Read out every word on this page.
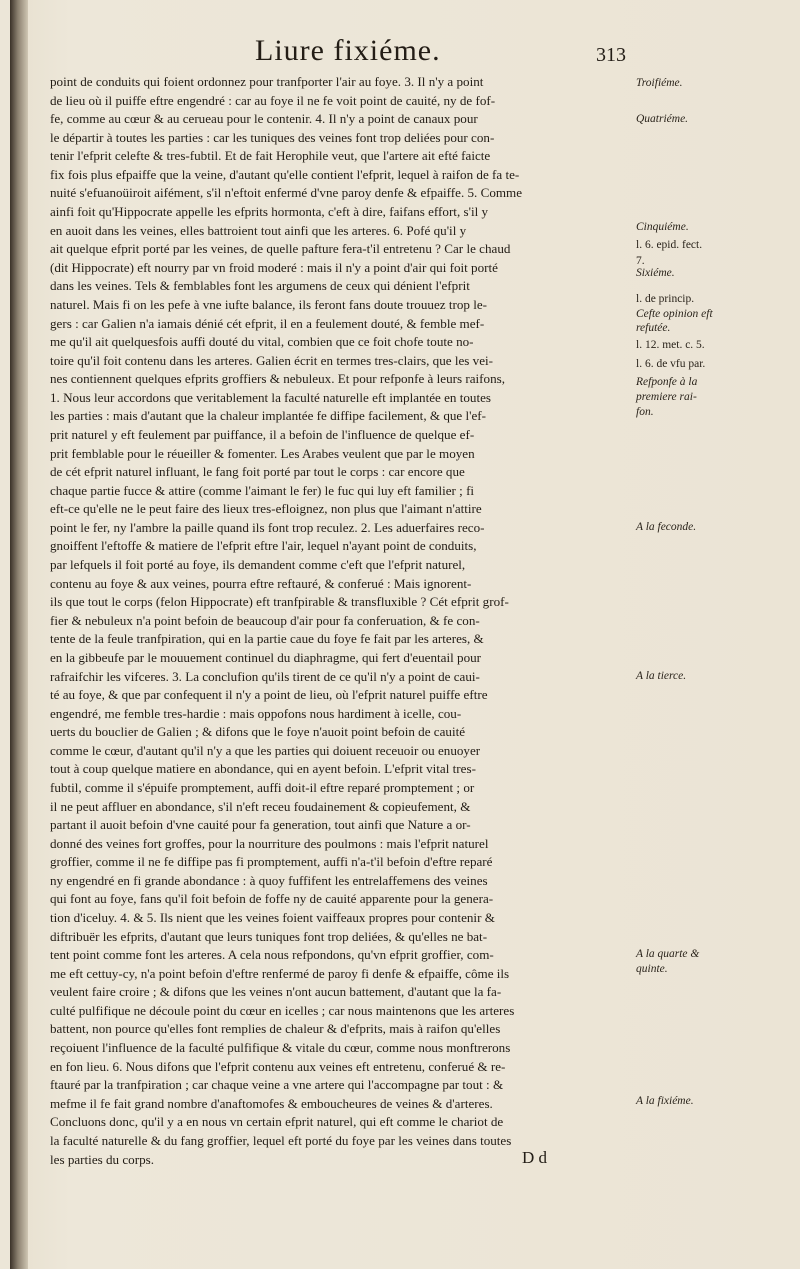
Liure fixiéme.	313
point de conduits qui foient ordonnez pour tranfporter l'air au foye. 3. Il n'y a point
de lieu où il puiffe eftre engendré : car au foye il ne fe voit point de cauité, ny de fof-
fe, comme au cœur & au cerueau pour le contenir. 4. Il n'y a point de canaux pour
le départir à toutes les parties : car les tuniques des veines font trop deliées pour con-
tenir l'efprit celefte & tres-fubtil. Et de fait Herophile veut, que l'artere ait efté faicte
fix fois plus efpaiffe que la veine, d'autant qu'elle contient l'efprit, lequel à raifon de fa te-
nuité s'efuanoüiroit aifément, s'il n'eftoit enfermé d'vne paroy denfe & efpaiffe. 5. Comme
ainfi foit qu'Hippocrate appelle les efprits hormonta, c'eft à dire, faifans effort, s'il y
en auoit dans les veines, elles battroient tout ainfi que les arteres. 6. Pofé qu'il y
ait quelque efprit porté par les veines, de quelle pafture fera-t'il entretenu ? Car le chaud
(dit Hippocrate) eft nourry par vn froid moderé : mais il n'y a point d'air qui foit porté
dans les veines. Tels & femblables font les argumens de ceux qui dénient l'efprit
naturel. Mais fi on les pefe à vne iufte balance, ils feront fans doute trouuez trop le-
gers : car Galien n'a iamais dénié cét efprit, il en a feulement douté, & femble mef-
me qu'il ait quelquesfois auffi douté du vital, combien que ce foit chofe toute no-
toire qu'il foit contenu dans les arteres. Galien écrit en termes tres-clairs, que les vei-
nes contiennent quelques efprits groffiers & nebuleux. Et pour refponfe à leurs raifons,
1. Nous leur accordons que veritablement la faculté naturelle eft implantée en toutes
les parties : mais d'autant que la chaleur implantée fe diffipe facilement, & que l'ef-
prit naturel y eft feulement par puiffance, il a befoin de l'influence de quelque ef-
prit femblable pour le réueiller & fomenter. Les Arabes veulent que par le moyen
de cét efprit naturel influant, le fang foit porté par tout le corps : car encore que
chaque partie fucce & attire (comme l'aimant le fer) le fuc qui luy eft familier ; fi
eft-ce qu'elle ne le peut faire des lieux tres-efloignez, non plus que l'aimant n'attire
point le fer, ny l'ambre la paille quand ils font trop reculez. 2. Les aduerfaires reco-
gnoiffent l'eftoffe & matiere de l'efprit eftre l'air, lequel n'ayant point de conduits,
par lefquels il foit porté au foye, ils demandent comme c'eft que l'efprit naturel,
contenu au foye & aux veines, pourra eftre reftauré, & conferué : Mais ignorent-
ils que tout le corps (felon Hippocrate) eft tranfpirable & transfluxible ? Cét efprit grof-
fier & nebuleux n'a point befoin de beaucoup d'air pour fa conferuation, & fe con-
tente de la feule tranfpiration, qui en la partie caue du foye fe fait par les arteres, &
en la gibbeufe par le mouuement continuel du diaphragme, qui fert d'euentail pour
rafraifchir les vifceres. 3. La conclufion qu'ils tirent de ce qu'il n'y a point de caui-
té au foye, & que par confequent il n'y a point de lieu, où l'efprit naturel puiffe eftre
engendré, me femble tres-hardie : mais oppofons nous hardiment à icelle, cou-
uerts du bouclier de Galien ; & difons que le foye n'auoit point befoin de cauité
comme le cœur, d'autant qu'il n'y a que les parties qui doiuent receuoir ou enuoyer
tout à coup quelque matiere en abondance, qui en ayent befoin. L'efprit vital tres-
fubtil, comme il s'épuife promptement, auffi doit-il eftre reparé promptement ; or
il ne peut affluer en abondance, s'il n'eft receu foudainement & copieufement, &
partant il auoit befoin d'vne cauité pour fa generation, tout ainfi que Nature a or-
donné des veines fort groffes, pour la nourriture des poulmons : mais l'efprit naturel
groffier, comme il ne fe diffipe pas fi promptement, auffi n'a-t'il befoin d'eftre reparé
ny engendré en fi grande abondance : à quoy fuffifent les entrelaffemens des veines
qui font au foye, fans qu'il foit befoin de foffe ny de cauité apparente pour la genera-
tion d'iceluy. 4. & 5. Ils nient que les veines foient vaiffeaux propres pour contenir &
diftribuër les efprits, d'autant que leurs tuniques font trop deliées, & qu'elles ne bat-
tent point comme font les arteres. A cela nous refpondons, qu'vn efprit groffier, com-
me eft cettuy-cy, n'a point befoin d'eftre renfermé de paroy fi denfe & efpaiffe, côme ils
veulent faire croire ; & difons que les veines n'ont aucun battement, d'autant que la fa-
culté pulfifique ne découle point du cœur en icelles ; car nous maintenons que les arteres
battent, non pource qu'elles font remplies de chaleur & d'efprits, mais à raifon qu'elles
reçoiuent l'influence de la faculté pulfifique & vitale du cœur, comme nous monftrerons
en fon lieu. 6. Nous difons que l'efprit contenu aux veines eft entretenu, conferué & re-
ftauré par la tranfpiration ; car chaque veine a vne artere qui l'accompagne par tout : &
mefme il fe fait grand nombre d'anaftomofes & emboucheures de veines & d'arteres.
Concluons donc, qu'il y a en nous vn certain efprit naturel, qui eft comme le chariot de
la faculté naturelle & du fang groffier, lequel eft porté du foye par les veines dans toutes
les parties du corps.
Troifiéme.
Quatriéme.
Cinquiéme.
l. 6. epid. fect.
7.
Sixiéme.
l. de princip.
Cefte opinion eft
refutée.
l. 12. met. c. 5.
l. 6. de vfu par.
Refponfe à la
premiere rai-
fon.
A la feconde.
A la tierce.
A la quarte &
quinte.
A la fixiéme.
D d
